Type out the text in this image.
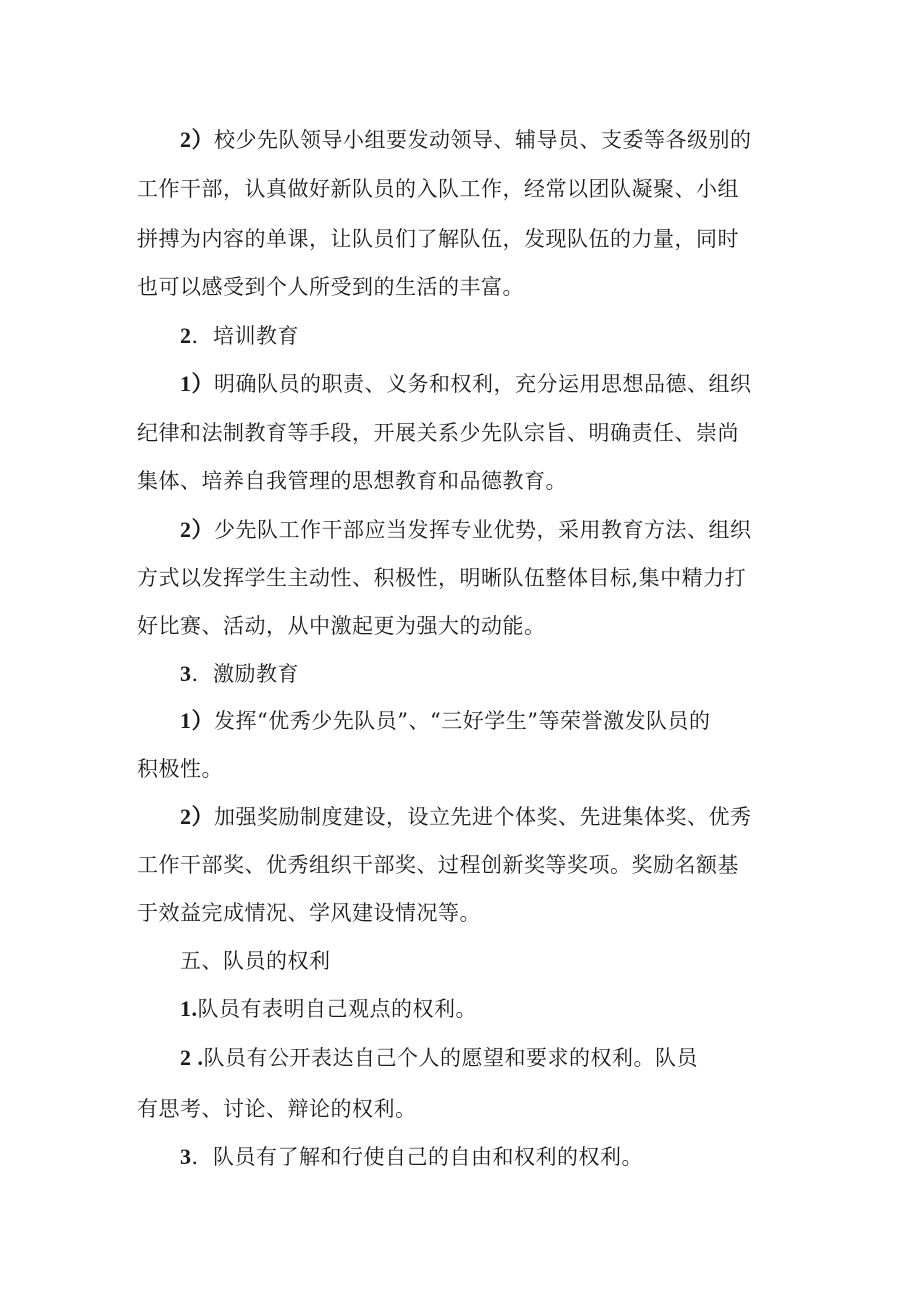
2）校少先队领导小组要发动领导、辅导员、支委等各级别的
工作干部，认真做好新队员的入队工作，经常以团队凝聚、小组
拼搏为内容的单课，让队员们了解队伍，发现队伍的力量，同时
也可以感受到个人所受到的生活的丰富。
2．培训教育
1）明确队员的职责、义务和权利，充分运用思想品德、组织
纪律和法制教育等手段，开展关系少先队宗旨、明确责任、崇尚
集体、培养自我管理的思想教育和品德教育。
2）少先队工作干部应当发挥专业优势，采用教育方法、组织
方式以发挥学生主动性、积极性，明晰队伍整体目标,集中精力打
好比赛、活动，从中激起更为强大的动能。
3．激励教育
1）发挥“优秀少先队员”、“三好学生”等荣誉激发队员的
积极性。
2）加强奖励制度建设，设立先进个体奖、先进集体奖、优秀
工作干部奖、优秀组织干部奖、过程创新奖等奖项。奖励名额基
于效益完成情况、学风建设情况等。
五、队员的权利
1.队员有表明自己观点的权利。
2 .队员有公开表达自己个人的愿望和要求的权利。队员
有思考、讨论、辩论的权利。
3．队员有了解和行使自己的自由和权利的权利。
